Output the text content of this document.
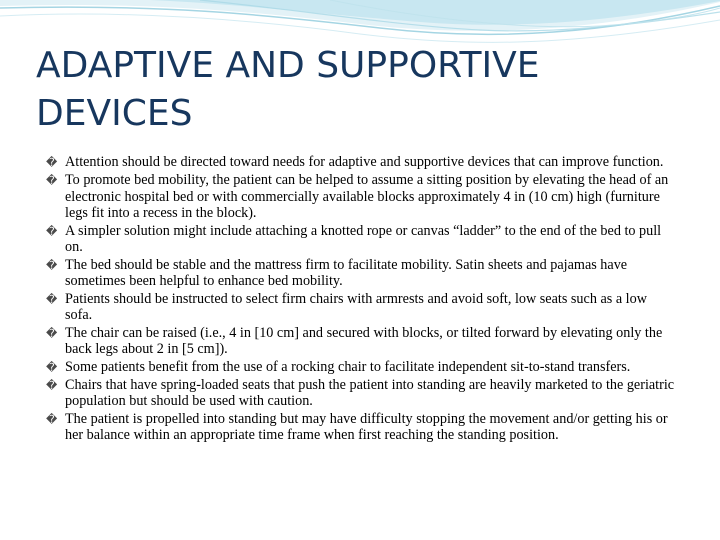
ADAPTIVE AND SUPPORTIVE
DEVICES
� Attention should be directed toward needs for adaptive and supportive devices that can improve function.
� To promote bed mobility, the patient can be helped to assume a sitting position by elevating the head of an electronic hospital bed or with commercially available blocks approximately 4 in (10 cm) high (furniture legs fit into a recess in the block).
� A simpler solution might include attaching a knotted rope or canvas “ladder” to the end of the bed to pull on.
� The bed should be stable and the mattress firm to facilitate mobility. Satin sheets and pajamas have sometimes been helpful to enhance bed mobility.
� Patients should be instructed to select firm chairs with armrests and avoid soft, low seats such as a low sofa.
� The chair can be raised (i.e., 4 in [10 cm] and secured with blocks, or tilted forward by elevating only the back legs about 2 in [5 cm]).
� Some patients benefit from the use of a rocking chair to facilitate independent sit-to-stand transfers.
� Chairs that have spring-loaded seats that push the patient into standing are heavily marketed to the geriatric population but should be used with caution.
� The patient is propelled into standing but may have difficulty stopping the movement and/or getting his or her balance within an appropriate time frame when first reaching the standing position.
